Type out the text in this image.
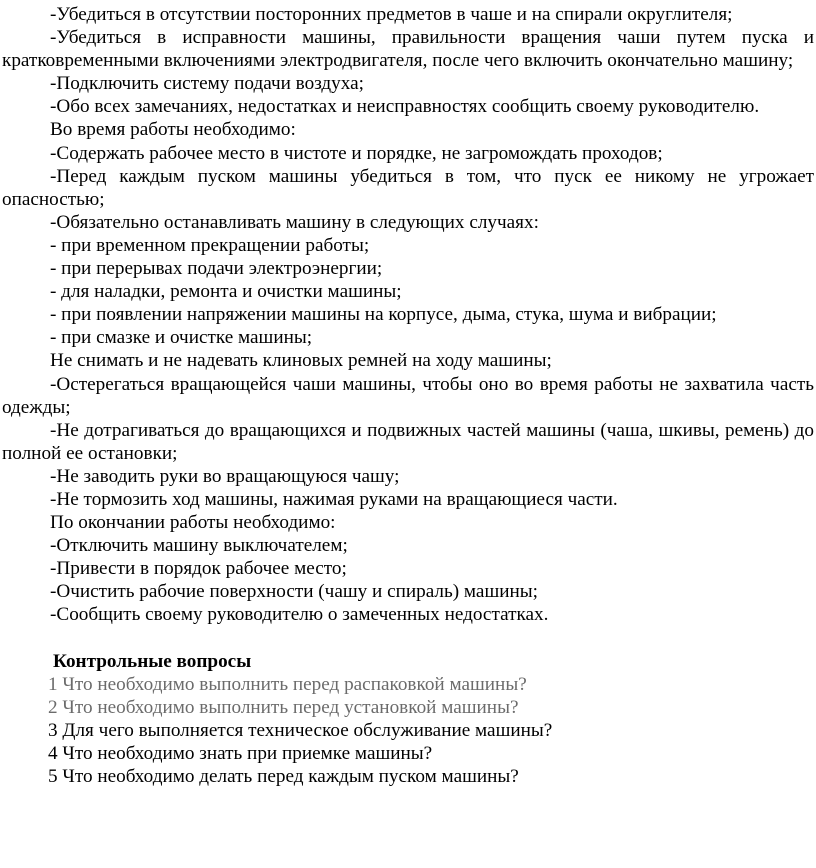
-Убедиться в отсутствии посторонних предметов в чаше и на спирали округлителя;

-Убедиться в исправности машины, правильности вращения чаши путем пуска и кратковременными включениями электродвигателя, после чего включить окончательно машину;

-Подключить систему подачи воздуха;

-Обо всех замечаниях, недостатках и неисправностях сообщить своему руководителю.

Во время работы необходимо:

-Содержать рабочее место в чистоте и порядке, не загромождать проходов;

-Перед каждым пуском машины убедиться в том, что пуск ее никому не угрожает опасностью;

-Обязательно останавливать машину в следующих случаях:

- при временном прекращении работы;

- при перерывах подачи электроэнергии;

- для наладки, ремонта и очистки машины;

- при появлении напряжении машины на корпусе, дыма, стука, шума и вибрации;

- при смазке и очистке машины;

Не снимать и не надевать клиновых ремней на ходу машины;

-Остерегаться вращающейся чаши машины, чтобы оно во время работы не захватила часть одежды;

-Не дотрагиваться до вращающихся и подвижных частей машины (чаша, шкивы, ремень) до полной ее остановки;

-Не заводить руки во вращающуюся чашу;

-Не тормозить ход машины, нажимая руками на вращающиеся части.

По окончании работы необходимо:

-Отключить машину выключателем;

-Привести в порядок рабочее место;

-Очистить рабочие поверхности (чашу и спираль) машины;

-Сообщить своему руководителю о замеченных недостатках.

Контрольные вопросы

1 Что необходимо выполнить перед распаковкой машины?

2 Что необходимо выполнить перед установкой машины?

3 Для чего выполняется техническое обслуживание машины?

4 Что необходимо знать при приемке машины?

5 Что необходимо делать перед каждым пуском машины?
